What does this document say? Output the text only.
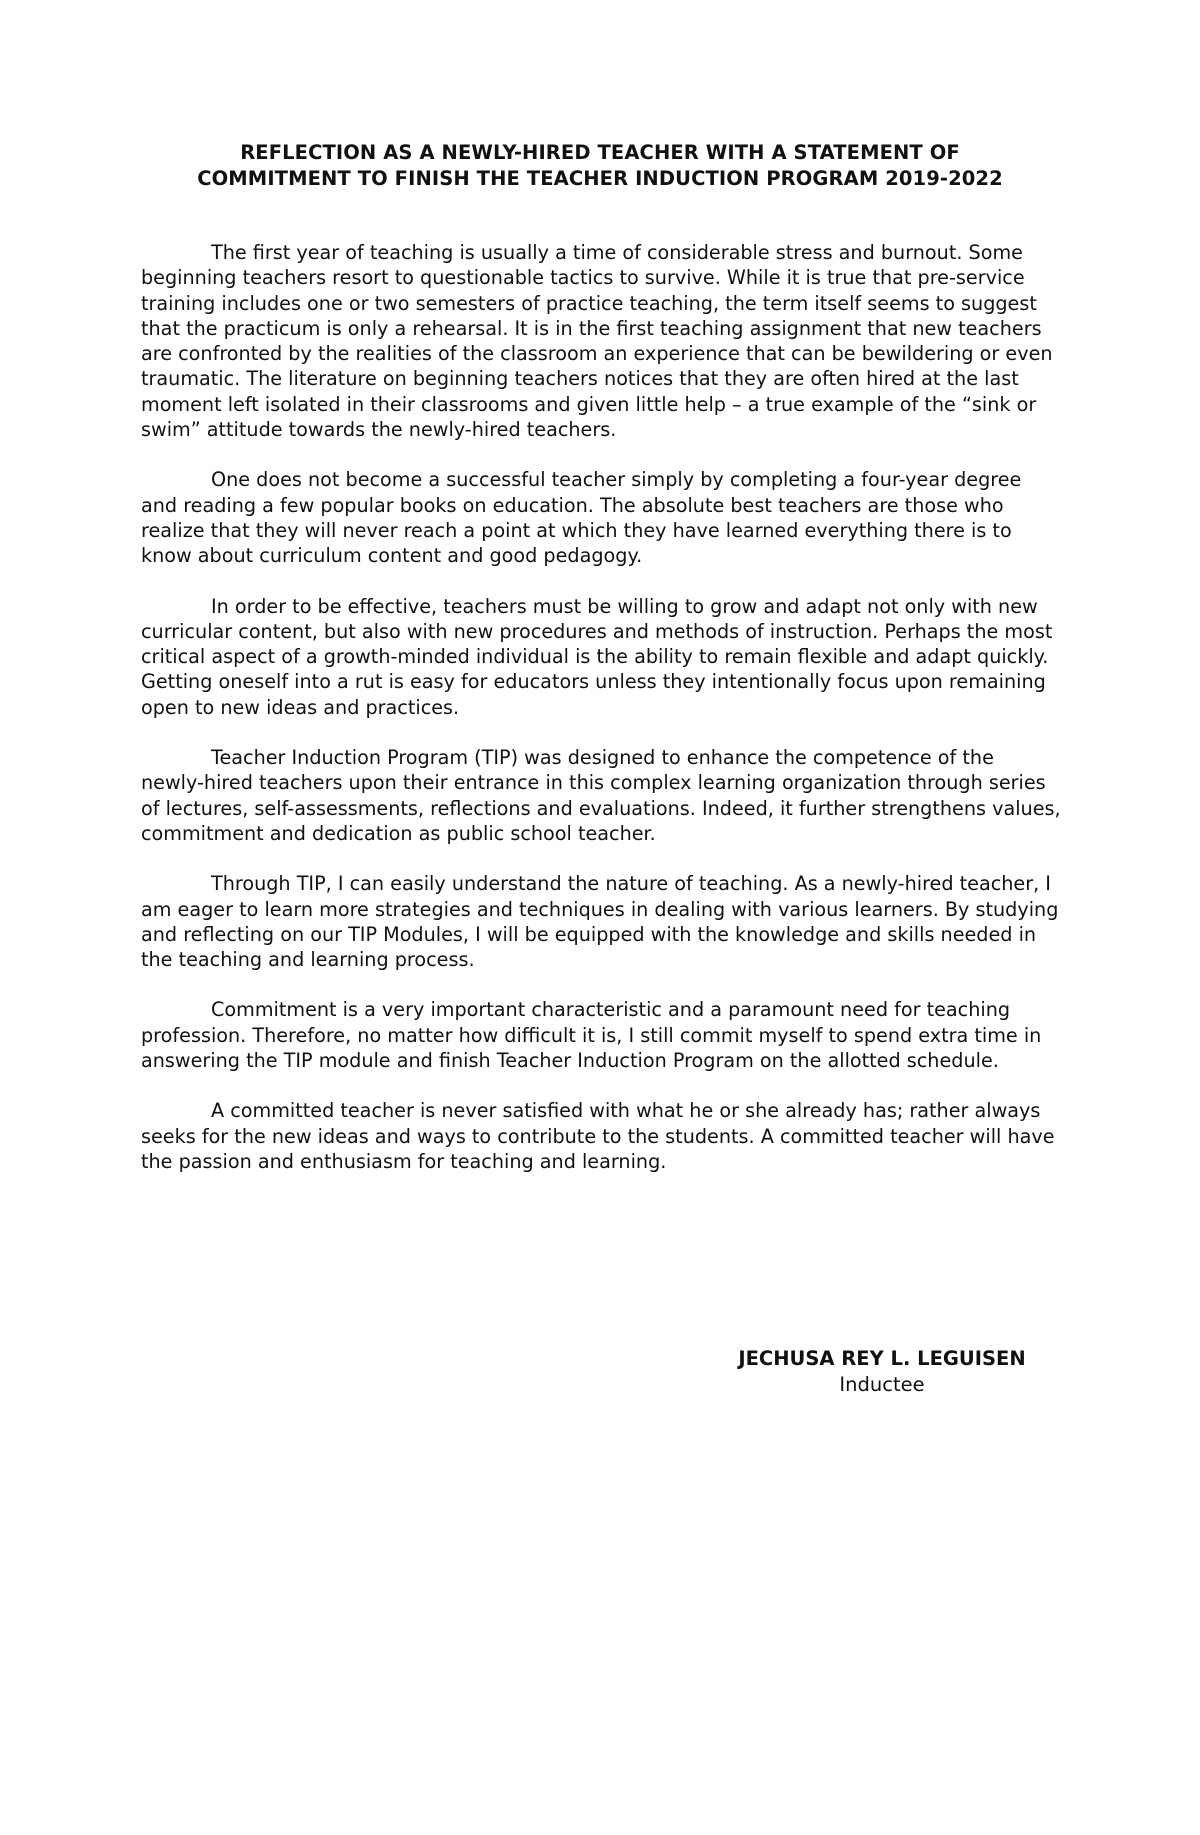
REFLECTION AS A NEWLY-HIRED TEACHER WITH A STATEMENT OF
COMMITMENT TO FINISH THE TEACHER INDUCTION PROGRAM 2019-2022

The first year of teaching is usually a time of considerable stress and burnout. Some beginning teachers resort to questionable tactics to survive. While it is true that pre-service training includes one or two semesters of practice teaching, the term itself seems to suggest that the practicum is only a rehearsal. It is in the first teaching assignment that new teachers are confronted by the realities of the classroom an experience that can be bewildering or even traumatic. The literature on beginning teachers notices that they are often hired at the last moment left isolated in their classrooms and given little help – a true example of the “sink or swim” attitude towards the newly-hired teachers.

One does not become a successful teacher simply by completing a four-year degree and reading a few popular books on education. The absolute best teachers are those who realize that they will never reach a point at which they have learned everything there is to know about curriculum content and good pedagogy.

In order to be effective, teachers must be willing to grow and adapt not only with new curricular content, but also with new procedures and methods of instruction. Perhaps the most critical aspect of a growth-minded individual is the ability to remain flexible and adapt quickly. Getting oneself into a rut is easy for educators unless they intentionally focus upon remaining open to new ideas and practices.

Teacher Induction Program (TIP) was designed to enhance the competence of the newly-hired teachers upon their entrance in this complex learning organization through series of lectures, self-assessments, reflections and evaluations. Indeed, it further strengthens values, commitment and dedication as public school teacher.

Through TIP, I can easily understand the nature of teaching. As a newly-hired teacher, I am eager to learn more strategies and techniques in dealing with various learners. By studying and reflecting on our TIP Modules, I will be equipped with the knowledge and skills needed in the teaching and learning process.

Commitment is a very important characteristic and a paramount need for teaching profession. Therefore, no matter how difficult it is, I still commit myself to spend extra time in answering the TIP module and finish Teacher Induction Program on the allotted schedule.

A committed teacher is never satisfied with what he or she already has; rather always seeks for the new ideas and ways to contribute to the students. A committed teacher will have the passion and enthusiasm for teaching and learning.

JECHUSA REY L. LEGUISEN
Inductee
